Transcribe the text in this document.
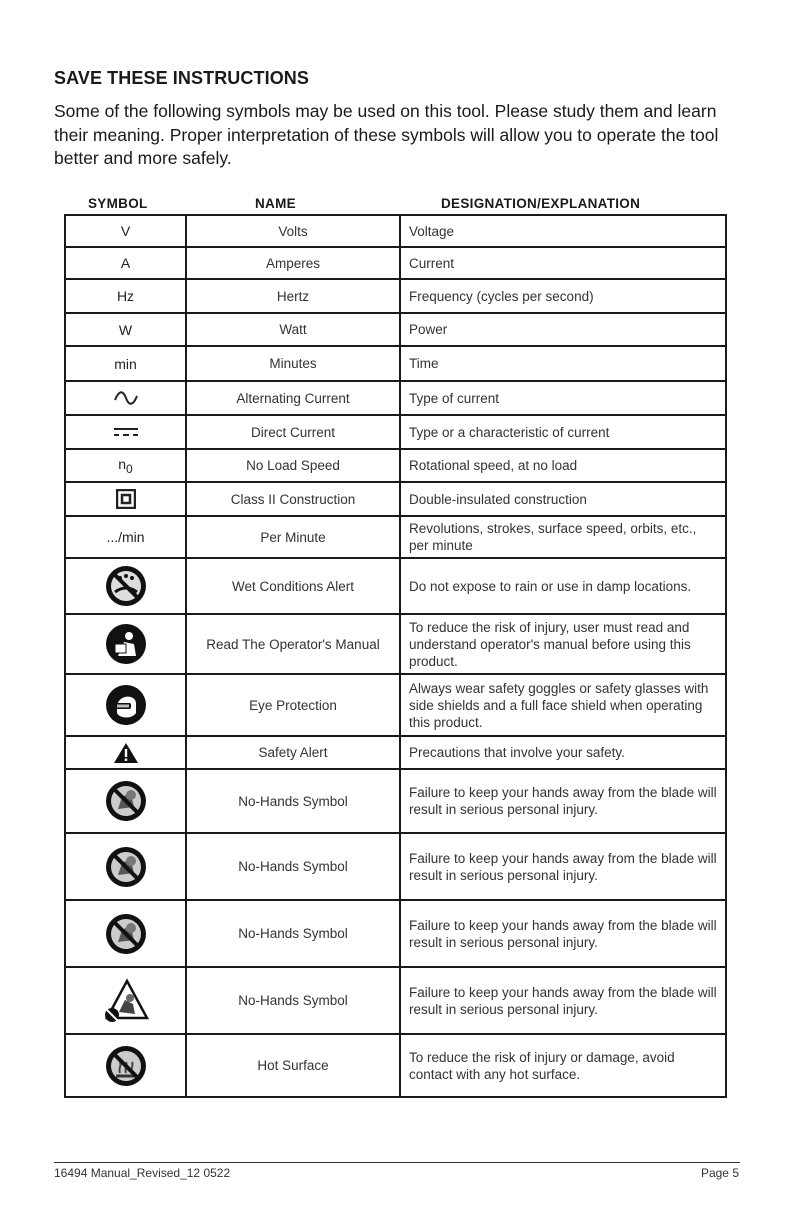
SAVE THESE INSTRUCTIONS
Some of the following symbols may be used on this tool. Please study them and learn their meaning. Proper interpretation of these symbols will allow you to operate the tool better and more safely.
SYMBOL	NAME	DESIGNATION/EXPLANATION
V	Volts	Voltage
A	Amperes	Current
Hz	Hertz	Frequency (cycles per second)
W	Watt	Power
min	Minutes	Time

	Alternating Current	Type of current

	Direct Current	Type or a characteristic of current
$n_0$	No Load Speed	Rotational speed, at no load

	Class II Construction	Double-insulated construction
.../min	Per Minute	Revolutions, strokes, surface speed, orbits, etc., per minute

	Wet Conditions Alert	Do not expose to rain or use in damp locations.

	Read The Operator's Manual	To reduce the risk of injury, user must read and understand operator's manual before using this product.

	Eye Protection	Always wear safety goggles or safety glasses with side shields and a full face shield when operating this product.

	Safety Alert	Precautions that involve your safety.

	No-Hands Symbol	Failure to keep your hands away from the blade will result in serious personal injury.

	No-Hands Symbol	Failure to keep your hands away from the blade will result in serious personal injury.

	No-Hands Symbol	Failure to keep your hands away from the blade will result in serious personal injury.

	No-Hands Symbol	Failure to keep your hands away from the blade will result in serious personal injury.

	Hot Surface	To reduce the risk of injury or damage, avoid contact with any hot surface.
16494 Manual_Revised_12 0522	Page 5
